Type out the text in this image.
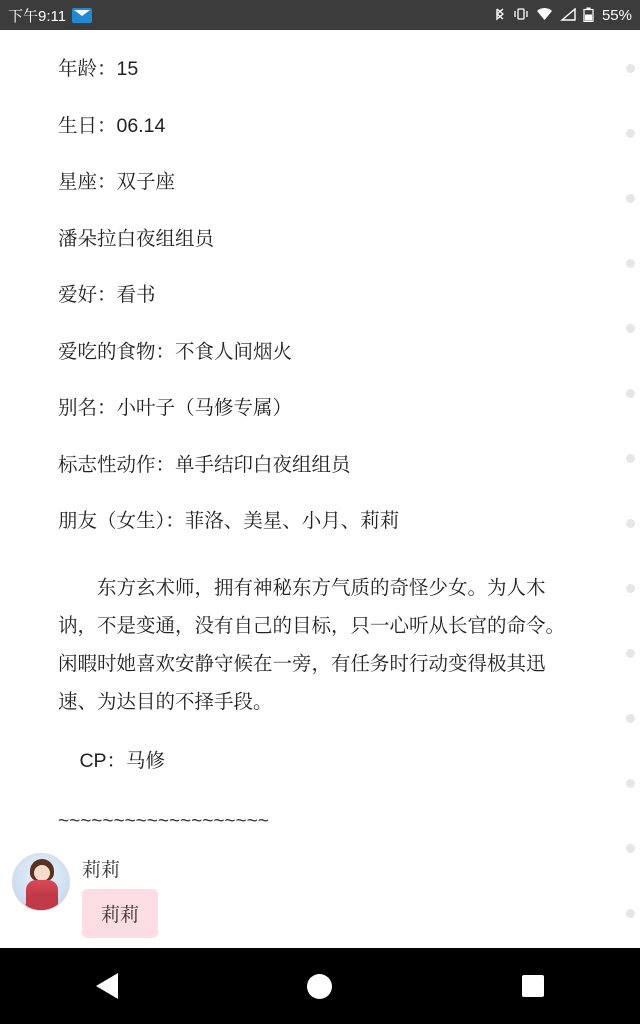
下午9:11	55%

年龄：15

生日：06.14

星座：双子座

潘朵拉白夜组组员

爱好：看书

爱吃的食物：不食人间烟火

别名：小叶子（马修专属）

标志性动作：单手结印白夜组组员

朋友（女生）：菲洛、美星、小月、莉莉

东方玄术师，拥有神秘东方气质的奇怪少女。为人木讷，不是变通，没有自己的目标，只一心听从长官的命令。闲暇时她喜欢安静守候在一旁，有任务时行动变得极其迅速、为达目的不择手段。

CP：马修

~~~~~~~~~~~~~~~~~~~

莉莉
莉莉
